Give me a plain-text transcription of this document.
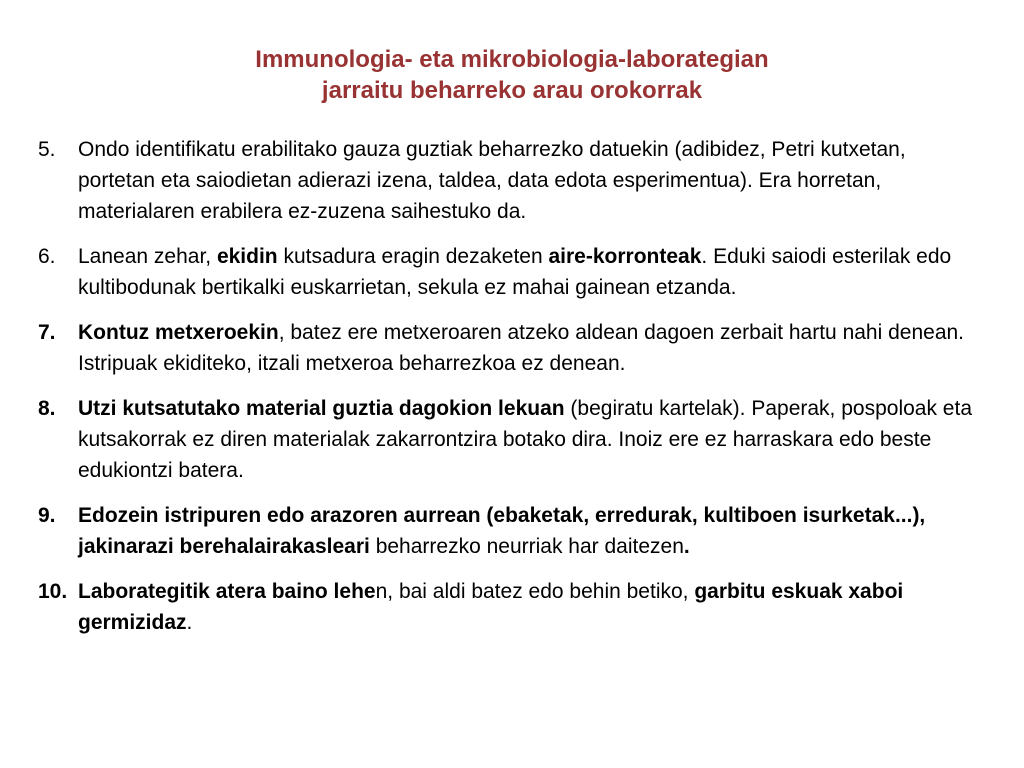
Immunologia- eta mikrobiologia-laborategian
jarraitu beharreko arau orokorrak
5. Ondo identifikatu erabilitako gauza guztiak beharrezko datuekin (adibidez, Petri kutxetan, portetan eta saiodietan adierazi izena, taldea, data edota esperimentua). Era horretan, materialaren erabilera ez-zuzena saihestuko da.
6. Lanean zehar, ekidin kutsadura eragin dezaketen aire-korronteak. Eduki saiodi esterilak edo kultibodunak bertikalki euskarrietan, sekula ez mahai gainean etzanda.
7. Kontuz metxeroekin, batez ere metxeroaren atzeko aldean dagoen zerbait hartu nahi denean. Istripuak ekiditeko, itzali metxeroa beharrezkoa ez denean.
8. Utzi kutsatutako material guztia dagokion lekuan (begiratu kartelak). Paperak, pospoloak eta kutsakorrak ez diren materialak zakarrontzira botako dira. Inoiz ere ez harraskara edo beste edukiontzi batera.
9. Edozein istripuren edo arazoren aurrean (ebaketak, erredurak, kultiboen isurketak...), jakinarazi berehalairakasleari beharrezko neurriak har daitezen.
10. Laborategitik atera baino lehen, bai aldi batez edo behin betiko, garbitu eskuak xaboi germizidaz.
